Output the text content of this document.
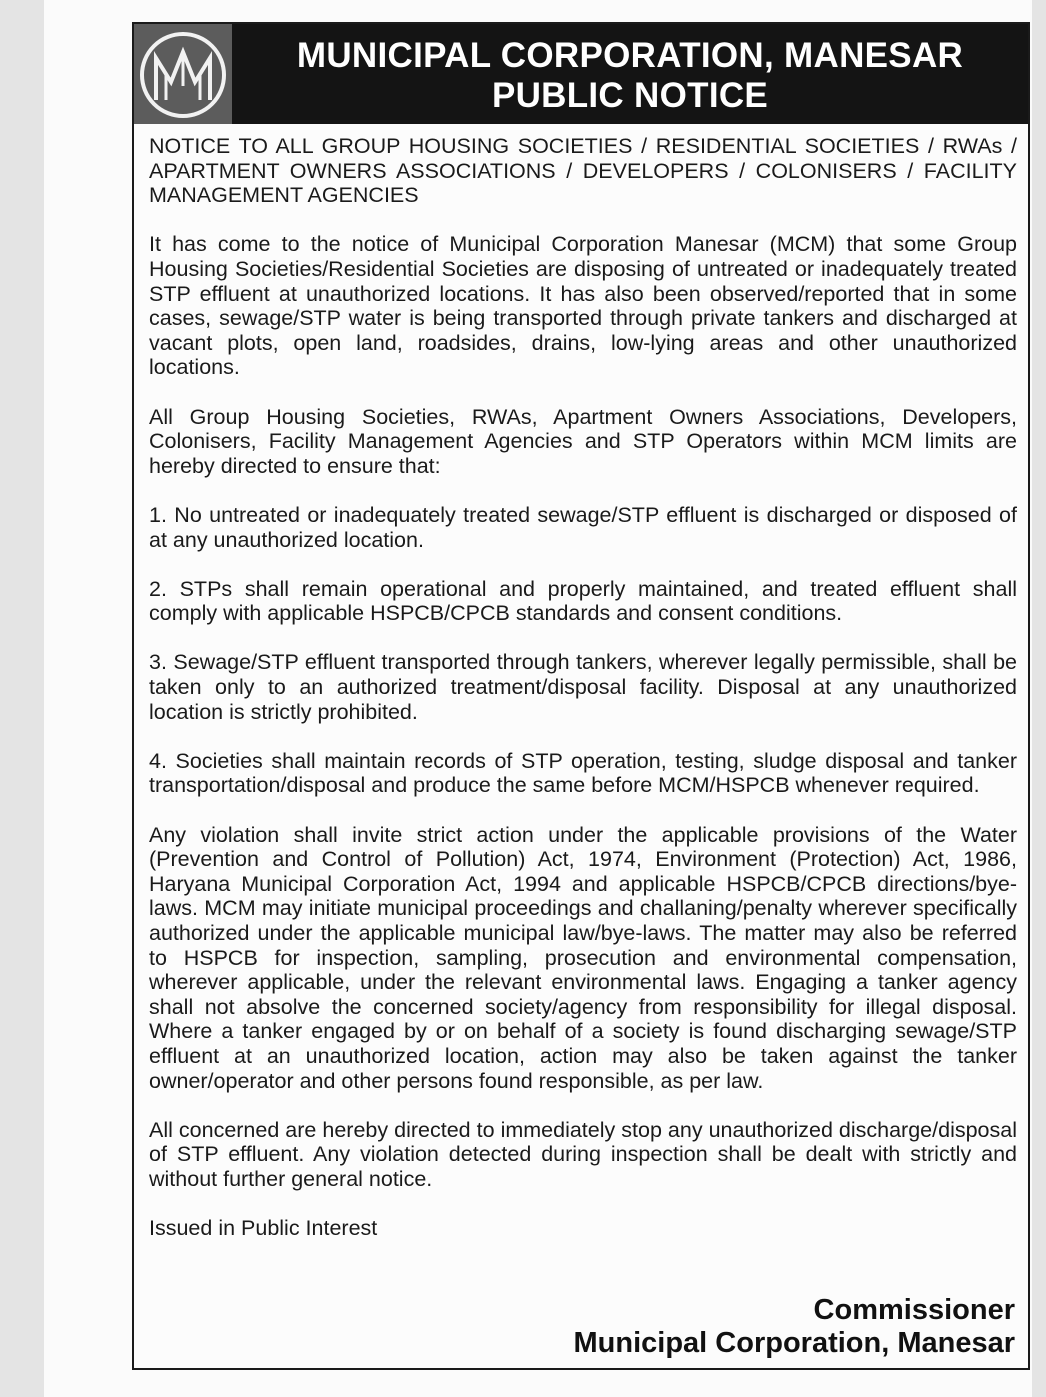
MUNICIPAL CORPORATION, MANESAR
PUBLIC NOTICE

NOTICE TO ALL GROUP HOUSING SOCIETIES / RESIDENTIAL SOCIETIES / RWAs / APARTMENT OWNERS ASSOCIATIONS / DEVELOPERS / COLONISERS / FACILITY MANAGEMENT AGENCIES

It has come to the notice of Municipal Corporation Manesar (MCM) that some Group Housing Societies/Residential Societies are disposing of untreated or inadequately treated STP effluent at unauthorized locations. It has also been observed/reported that in some cases, sewage/STP water is being transported through private tankers and discharged at vacant plots, open land, roadsides, drains, low-lying areas and other unauthorized locations.

All Group Housing Societies, RWAs, Apartment Owners Associations, Developers, Colonisers, Facility Management Agencies and STP Operators within MCM limits are hereby directed to ensure that:

1. No untreated or inadequately treated sewage/STP effluent is discharged or disposed of at any unauthorized location.

2. STPs shall remain operational and properly maintained, and treated effluent shall comply with applicable HSPCB/CPCB standards and consent conditions.

3. Sewage/STP effluent transported through tankers, wherever legally permissible, shall be taken only to an authorized treatment/disposal facility. Disposal at any unauthorized location is strictly prohibited.

4. Societies shall maintain records of STP operation, testing, sludge disposal and tanker transportation/disposal and produce the same before MCM/HSPCB whenever required.

Any violation shall invite strict action under the applicable provisions of the Water (Prevention and Control of Pollution) Act, 1974, Environment (Protection) Act, 1986, Haryana Municipal Corporation Act, 1994 and applicable HSPCB/CPCB directions/bye-laws. MCM may initiate municipal proceedings and challaning/penalty wherever specifically authorized under the applicable municipal law/bye-laws. The matter may also be referred to HSPCB for inspection, sampling, prosecution and environmental compensation, wherever applicable, under the relevant environmental laws. Engaging a tanker agency shall not absolve the concerned society/agency from responsibility for illegal disposal. Where a tanker engaged by or on behalf of a society is found discharging sewage/STP effluent at an unauthorized location, action may also be taken against the tanker owner/operator and other persons found responsible, as per law.

All concerned are hereby directed to immediately stop any unauthorized discharge/disposal of STP effluent. Any violation detected during inspection shall be dealt with strictly and without further general notice.

Issued in Public Interest

Commissioner
Municipal Corporation, Manesar
